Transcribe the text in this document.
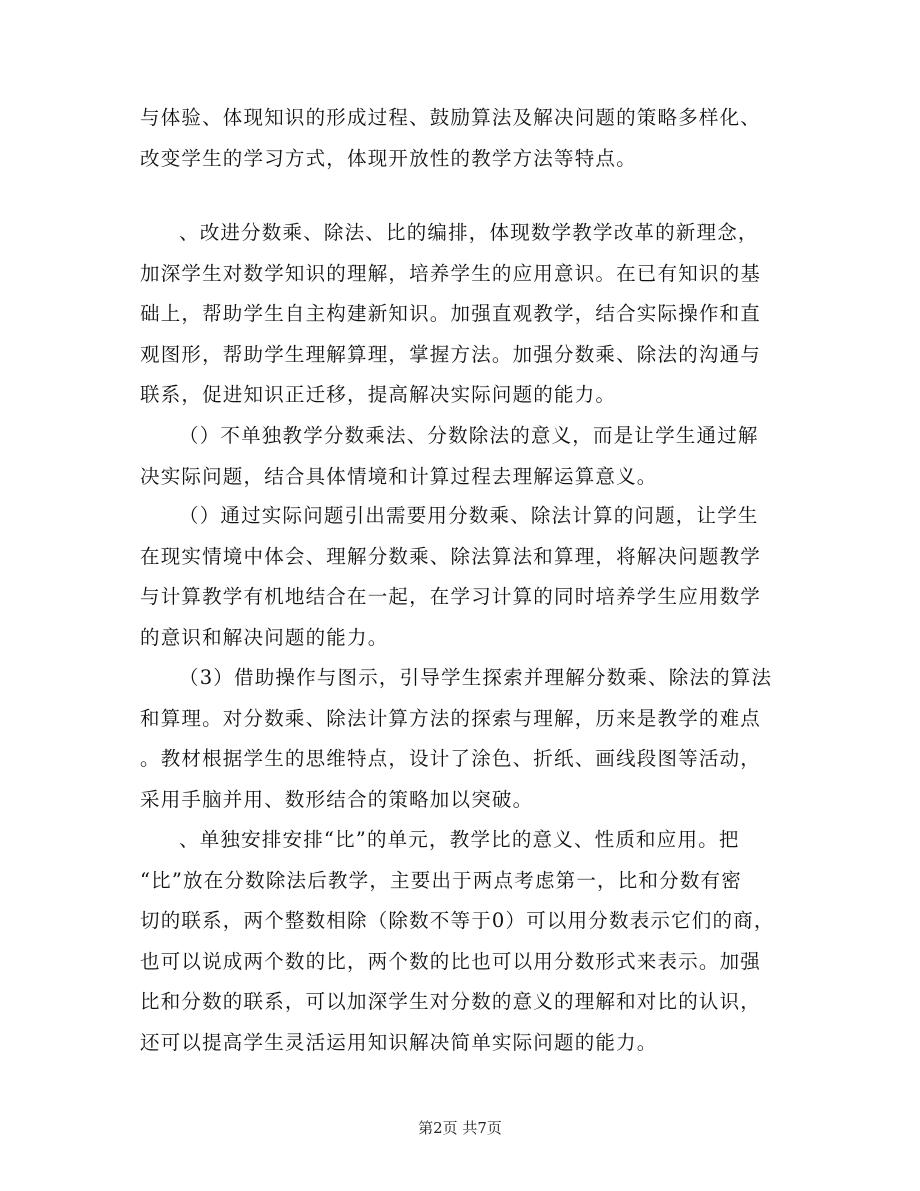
与体验、体现知识的形成过程、鼓励算法及解决问题的策略多样化、
改变学生的学习方式，体现开放性的教学方法等特点。

、改进分数乘、除法、比的编排，体现数学教学改革的新理念，
加深学生对数学知识的理解，培养学生的应用意识。在已有知识的基
础上，帮助学生自主构建新知识。加强直观教学，结合实际操作和直
观图形，帮助学生理解算理，掌握方法。加强分数乘、除法的沟通与
联系，促进知识正迁移，提高解决实际问题的能力。

（）不单独教学分数乘法、分数除法的意义，而是让学生通过解
决实际问题，结合具体情境和计算过程去理解运算意义。

（）通过实际问题引出需要用分数乘、除法计算的问题，让学生
在现实情境中体会、理解分数乘、除法算法和算理，将解决问题教学
与计算教学有机地结合在一起，在学习计算的同时培养学生应用数学
的意识和解决问题的能力。

（3）借助操作与图示，引导学生探索并理解分数乘、除法的算法
和算理。对分数乘、除法计算方法的探索与理解，历来是教学的难点
。教材根据学生的思维特点，设计了涂色、折纸、画线段图等活动，
采用手脑并用、数形结合的策略加以突破。

、单独安排安排“比”的单元，教学比的意义、性质和应用。把
“比”放在分数除法后教学，主要出于两点考虑第一，比和分数有密
切的联系，两个整数相除（除数不等于0）可以用分数表示它们的商，
也可以说成两个数的比，两个数的比也可以用分数形式来表示。加强
比和分数的联系，可以加深学生对分数的意义的理解和对比的认识，
还可以提高学生灵活运用知识解决简单实际问题的能力。

第2页 共7页
